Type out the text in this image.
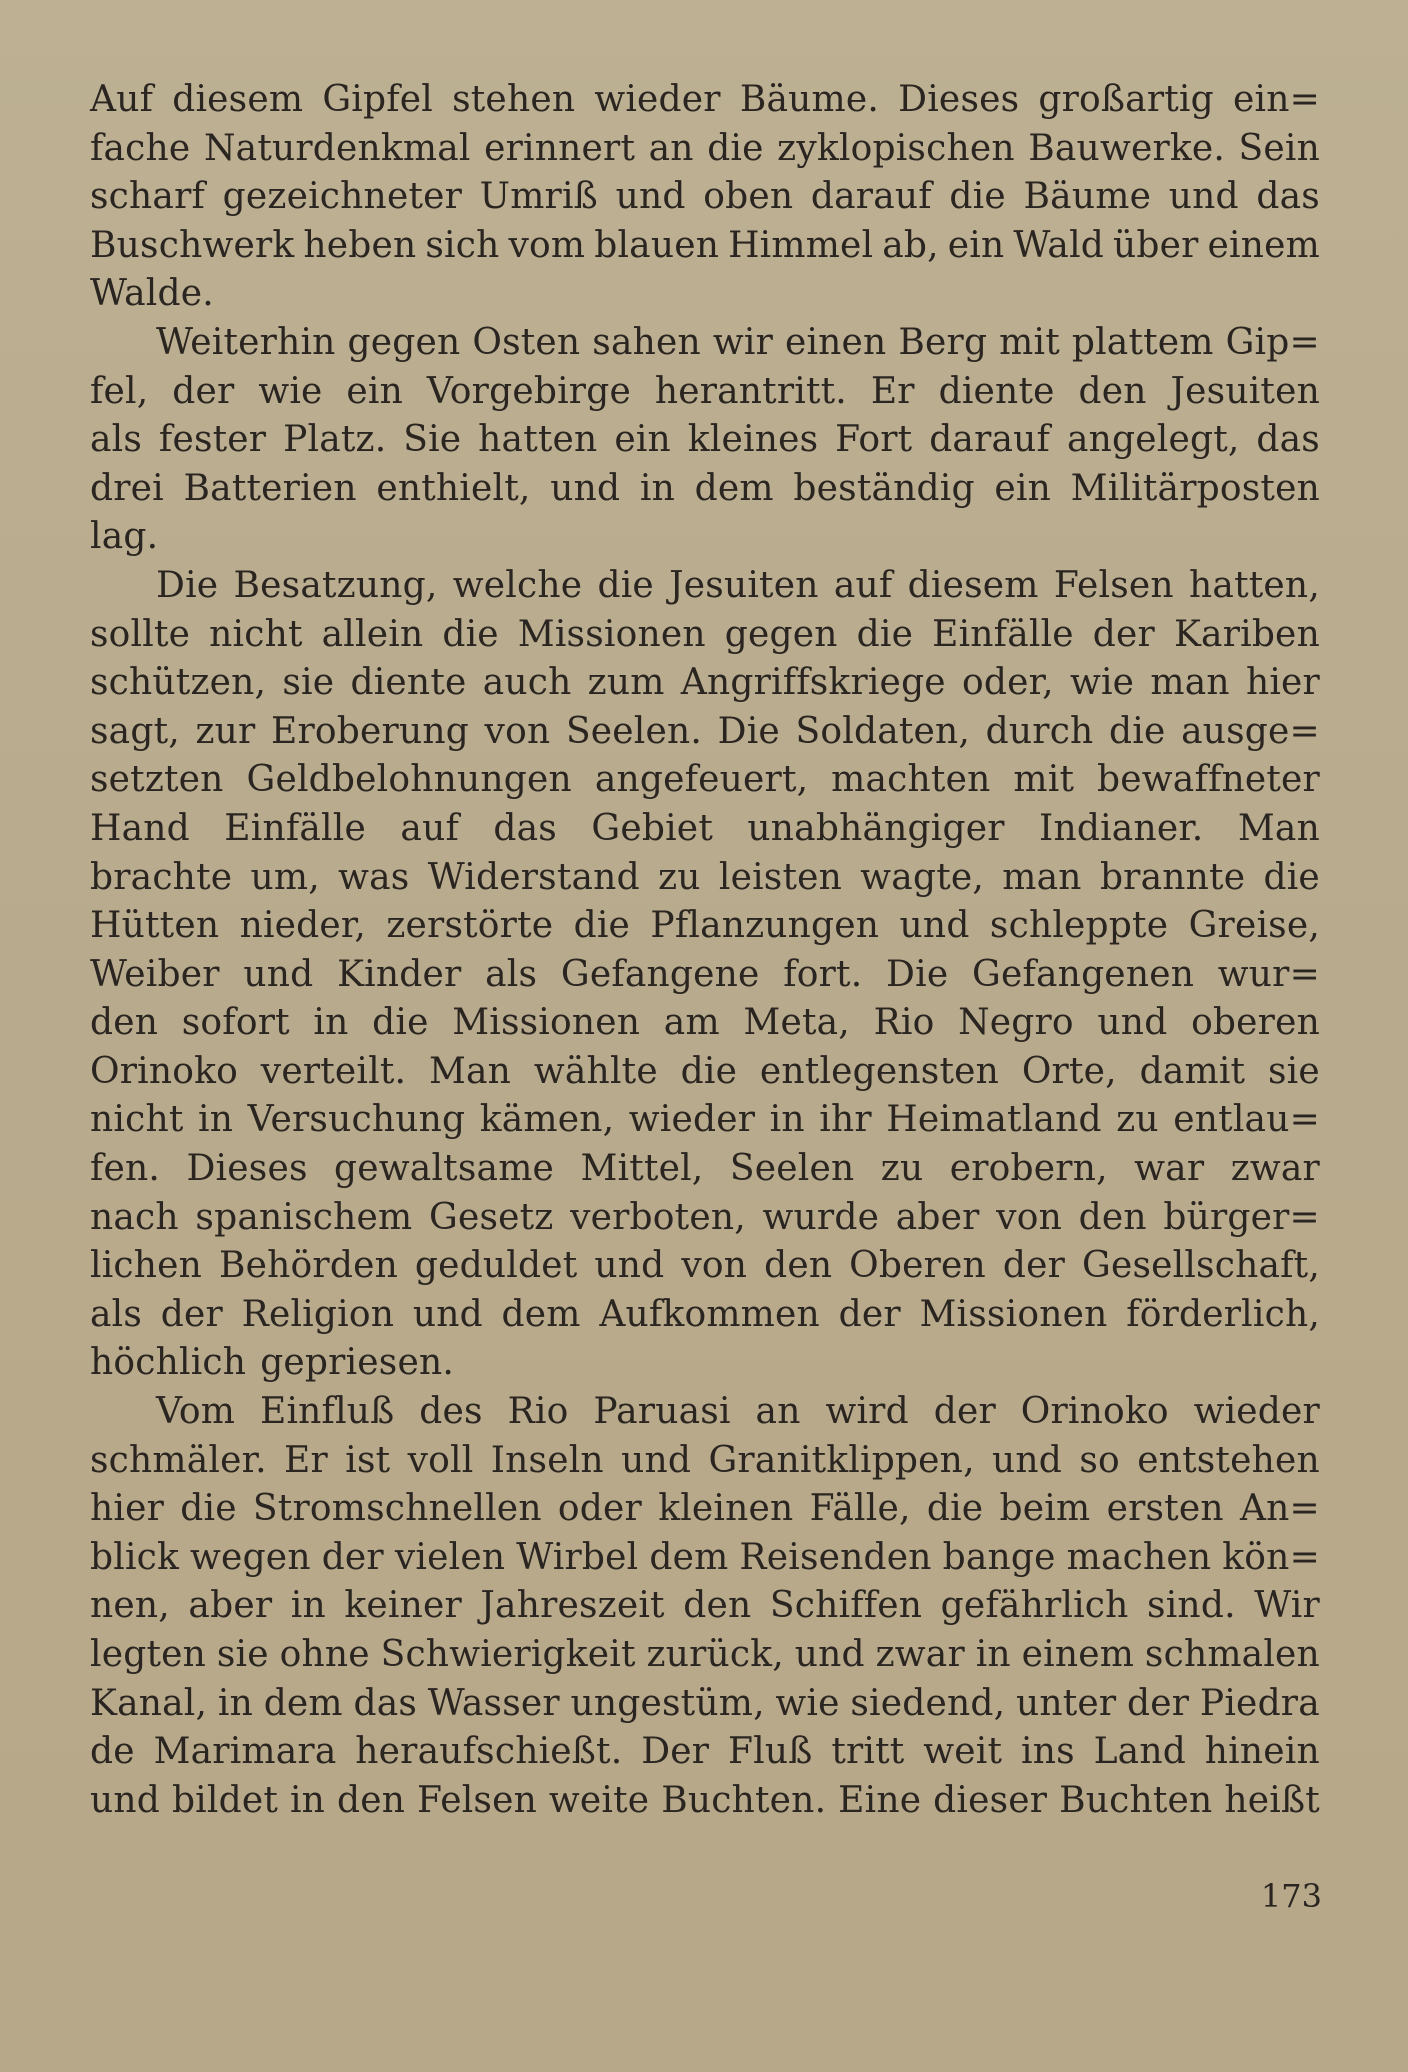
Auf diesem Gipfel stehen wieder Bäume. Dieses großartig ein=
fache Naturdenkmal erinnert an die zyklopischen Bauwerke. Sein
scharf gezeichneter Umriß und oben darauf die Bäume und das
Buschwerk heben sich vom blauen Himmel ab, ein Wald über einem
Walde.
Weiterhin gegen Osten sahen wir einen Berg mit plattem Gip=
fel, der wie ein Vorgebirge herantritt. Er diente den Jesuiten
als fester Platz. Sie hatten ein kleines Fort darauf angelegt, das
drei Batterien enthielt, und in dem beständig ein Militärposten
lag.
Die Besatzung, welche die Jesuiten auf diesem Felsen hatten,
sollte nicht allein die Missionen gegen die Einfälle der Kariben
schützen, sie diente auch zum Angriffskriege oder, wie man hier
sagt, zur Eroberung von Seelen. Die Soldaten, durch die ausge=
setzten Geldbelohnungen angefeuert, machten mit bewaffneter
Hand Einfälle auf das Gebiet unabhängiger Indianer. Man
brachte um, was Widerstand zu leisten wagte, man brannte die
Hütten nieder, zerstörte die Pflanzungen und schleppte Greise,
Weiber und Kinder als Gefangene fort. Die Gefangenen wur=
den sofort in die Missionen am Meta, Rio Negro und oberen
Orinoko verteilt. Man wählte die entlegensten Orte, damit sie
nicht in Versuchung kämen, wieder in ihr Heimatland zu entlau=
fen. Dieses gewaltsame Mittel, Seelen zu erobern, war zwar
nach spanischem Gesetz verboten, wurde aber von den bürger=
lichen Behörden geduldet und von den Oberen der Gesellschaft,
als der Religion und dem Aufkommen der Missionen förderlich,
höchlich gepriesen.
Vom Einfluß des Rio Paruasi an wird der Orinoko wieder
schmäler. Er ist voll Inseln und Granitklippen, und so entstehen
hier die Stromschnellen oder kleinen Fälle, die beim ersten An=
blick wegen der vielen Wirbel dem Reisenden bange machen kön=
nen, aber in keiner Jahreszeit den Schiffen gefährlich sind. Wir
legten sie ohne Schwierigkeit zurück, und zwar in einem schmalen
Kanal, in dem das Wasser ungestüm, wie siedend, unter der Piedra
de Marimara heraufschießt. Der Fluß tritt weit ins Land hinein
und bildet in den Felsen weite Buchten. Eine dieser Buchten heißt
173
